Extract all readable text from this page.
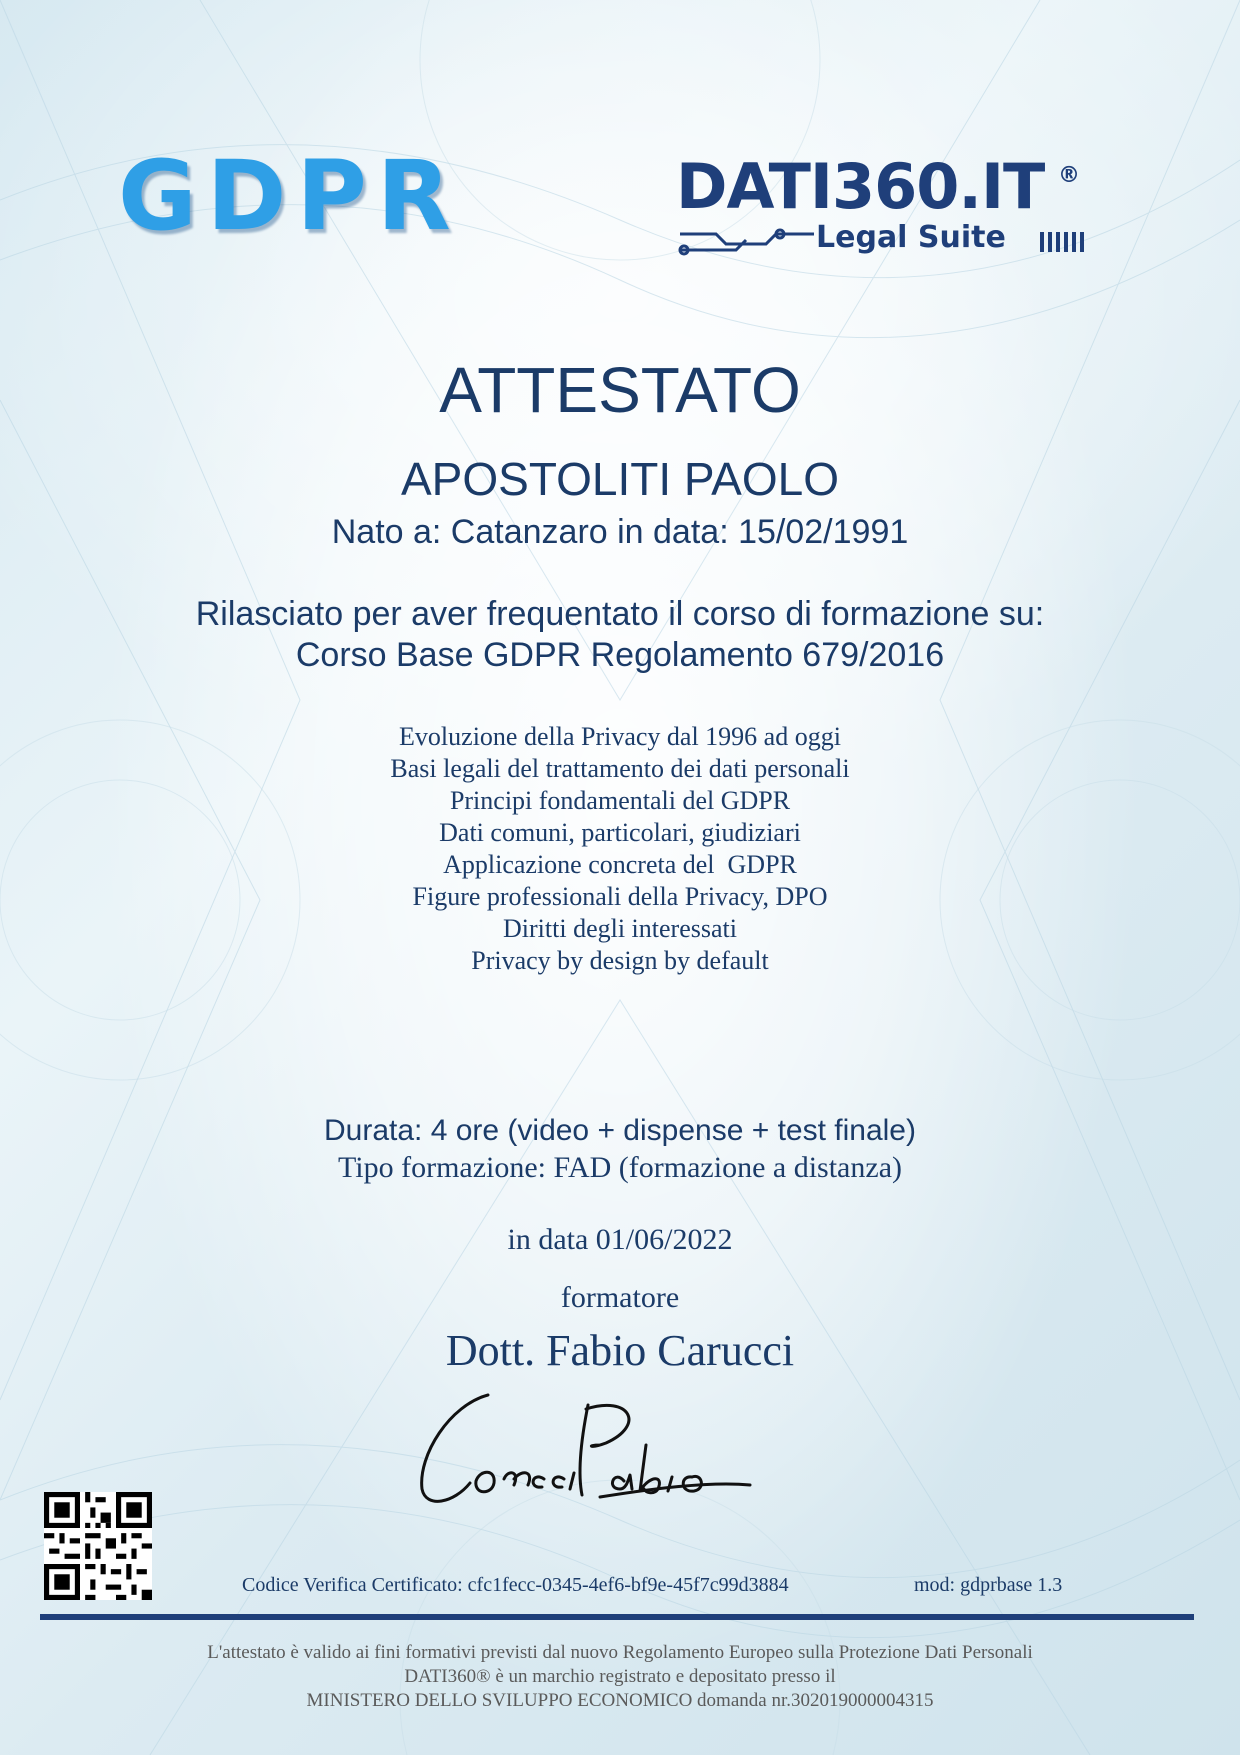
GDPR	DATI360.IT ®
Legal Suite
ATTESTATO
APOSTOLITI PAOLO
Nato a: Catanzaro in data: 15/02/1991
Rilasciato per aver frequentato il corso di formazione su:
Corso Base GDPR Regolamento 679/2016
Evoluzione della Privacy dal 1996 ad oggi
Basi legali del trattamento dei dati personali
Principi fondamentali del GDPR
Dati comuni, particolari, giudiziari
Applicazione concreta del  GDPR
Figure professionali della Privacy, DPO
Diritti degli interessati
Privacy by design by default
Durata: 4 ore (video + dispense + test finale)
Tipo formazione: FAD (formazione a distanza)
in data 01/06/2022
formatore
Dott. Fabio Carucci
Codice Verifica Certificato: cfc1fecc-0345-4ef6-bf9e-45f7c99d3884	mod: gdprbase 1.3
L'attestato è valido ai fini formativi previsti dal nuovo Regolamento Europeo sulla Protezione Dati Personali
DATI360® è un marchio registrato e depositato presso il
MINISTERO DELLO SVILUPPO ECONOMICO domanda nr.302019000004315
